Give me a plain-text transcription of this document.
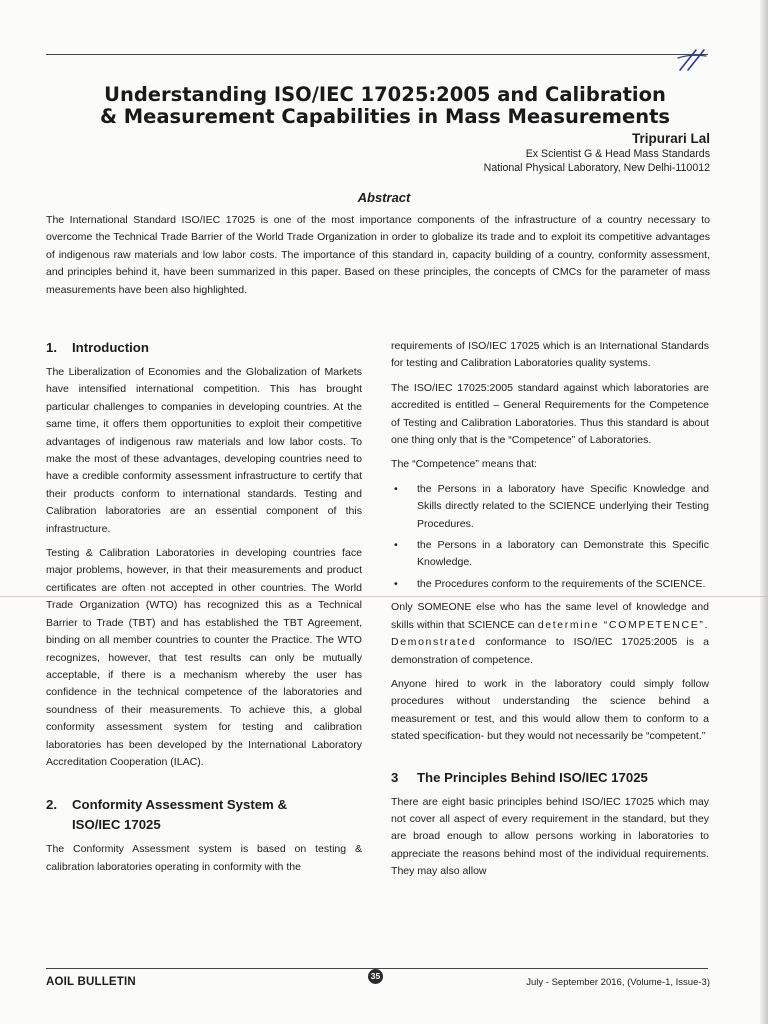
Understanding ISO/IEC 17025:2005 and Calibration
& Measurement Capabilities in Mass Measurements
Tripurari Lal
Ex Scientist G & Head Mass Standards
National Physical Laboratory, New Delhi-110012
Abstract

The International Standard ISO/IEC 17025 is one of the most importance components of the infrastructure of a country necessary to overcome the Technical Trade Barrier of the World Trade Organization in order to globalize its trade and to exploit its competitive advantages of indigenous raw materials and low labor costs. The importance of this standard in, capacity building of a country, conformity assessment, and principles behind it, have been summarized in this paper. Based on these principles, the concepts of CMCs for the parameter of mass measurements have been also highlighted.

1. Introduction

The Liberalization of Economies and the Globalization of Markets have intensified international competition. This has brought particular challenges to companies in developing countries. At the same time, it offers them opportunities to exploit their competitive advantages of indigenous raw materials and low labor costs. To make the most of these advantages, developing countries need to have a credible conformity assessment infrastructure to certify that their products conform to international standards. Testing and Calibration laboratories are an essential component of this infrastructure.

Testing & Calibration Laboratories in developing countries face major problems, however, in that their measurements and product certificates are often not accepted in other countries. The World Trade Organization (WTO) has recognized this as a Technical Barrier to Trade (TBT) and has established the TBT Agreement, binding on all member countries to counter the Practice. The WTO recognizes, however, that test results can only be mutually acceptable, if there is a mechanism whereby the user has confidence in the technical competence of the laboratories and soundness of their measurements. To achieve this, a global conformity assessment system for testing and calibration laboratories has been developed by the International Laboratory Accreditation Cooperation (ILAC).

2. Conformity Assessment System &
ISO/IEC 17025

The Conformity Assessment system is based on testing & calibration laboratories operating in conformity with the

requirements of ISO/IEC 17025 which is an International Standards for testing and Calibration Laboratories quality systems.

The ISO/IEC 17025:2005 standard against which laboratories are accredited is entitled – General Requirements for the Competence of Testing and Calibration Laboratories. Thus this standard is about one thing only that is the “Competence” of Laboratories.

The “Competence” means that:

• the Persons in a laboratory have Specific Knowledge and Skills directly related to the SCIENCE underlying their Testing Procedures.
• the Persons in a laboratory can Demonstrate this Specific Knowledge.
• the Procedures conform to the requirements of the SCIENCE.

Only SOMEONE else who has the same level of knowledge and skills within that SCIENCE can determine “COMPETENCE”. Demonstrated conformance to ISO/IEC 17025:2005 is a demonstration of competence.

Anyone hired to work in the laboratory could simply follow procedures without understanding the science behind a measurement or test, and this would allow them to conform to a stated specification- but they would not necessarily be “competent.”

3 The Principles Behind ISO/IEC 17025

There are eight basic principles behind ISO/IEC 17025 which may not cover all aspect of every requirement in the standard, but they are broad enough to allow persons working in laboratories to appreciate the reasons behind most of the individual requirements. They may also allow

AOIL BULLETIN	35
July - September 2016, (Volume-1, Issue-3)
